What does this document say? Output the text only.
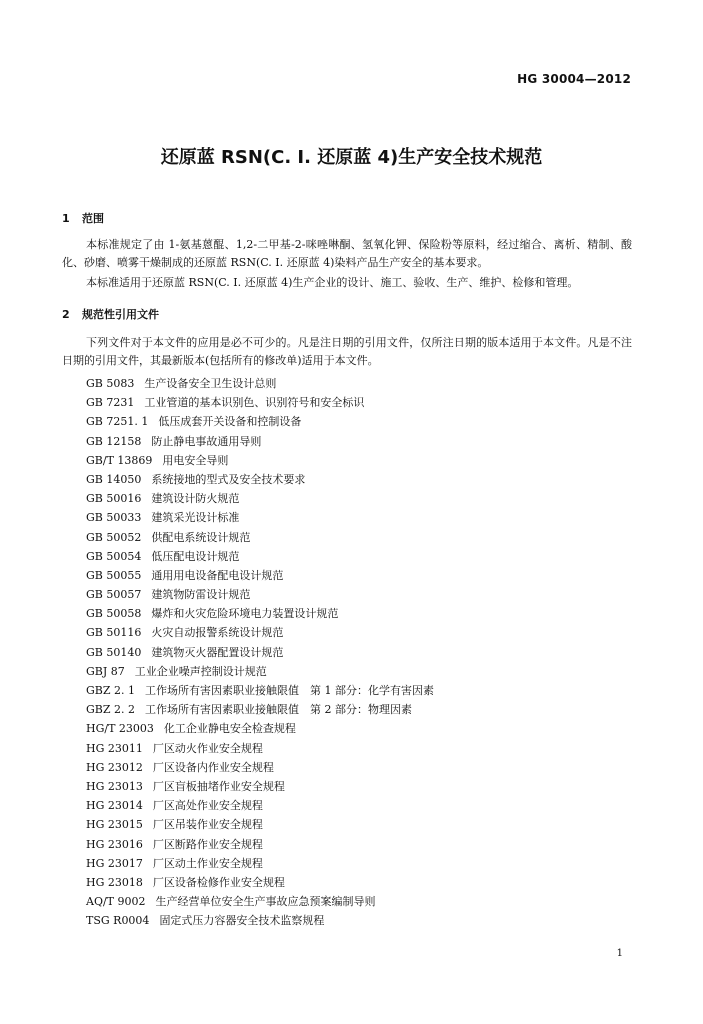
HG 30004—2012
还原蓝 RSN(C. I. 还原蓝 4)生产安全技术规范
1 范围
本标准规定了由 1-氨基蒽醌、1,2-二甲基-2-咪唑啉酮、氢氧化钾、保险粉等原料，经过缩合、离析、精制、酸化、砂磨、喷雾干燥制成的还原蓝 RSN(C. I. 还原蓝 4)染料产品生产安全的基本要求。
本标准适用于还原蓝 RSN(C. I. 还原蓝 4)生产企业的设计、施工、验收、生产、维护、检修和管理。
2 规范性引用文件
下列文件对于本文件的应用是必不可少的。凡是注日期的引用文件，仅所注日期的版本适用于本文件。凡是不注日期的引用文件，其最新版本(包括所有的修改单)适用于本文件。
GB 5083 生产设备安全卫生设计总则
GB 7231 工业管道的基本识别色、识别符号和安全标识
GB 7251. 1 低压成套开关设备和控制设备
GB 12158 防止静电事故通用导则
GB/T 13869 用电安全导则
GB 14050 系统接地的型式及安全技术要求
GB 50016 建筑设计防火规范
GB 50033 建筑采光设计标准
GB 50052 供配电系统设计规范
GB 50054 低压配电设计规范
GB 50055 通用用电设备配电设计规范
GB 50057 建筑物防雷设计规范
GB 50058 爆炸和火灾危险环境电力装置设计规范
GB 50116 火灾自动报警系统设计规范
GB 50140 建筑物灭火器配置设计规范
GBJ 87 工业企业噪声控制设计规范
GBZ 2. 1 工作场所有害因素职业接触限值　第 1 部分：化学有害因素
GBZ 2. 2 工作场所有害因素职业接触限值　第 2 部分：物理因素
HG/T 23003 化工企业静电安全检查规程
HG 23011 厂区动火作业安全规程
HG 23012 厂区设备内作业安全规程
HG 23013 厂区盲板抽堵作业安全规程
HG 23014 厂区高处作业安全规程
HG 23015 厂区吊装作业安全规程
HG 23016 厂区断路作业安全规程
HG 23017 厂区动土作业安全规程
HG 23018 厂区设备检修作业安全规程
AQ/T 9002 生产经营单位安全生产事故应急预案编制导则
TSG R0004 固定式压力容器安全技术监察规程
1
